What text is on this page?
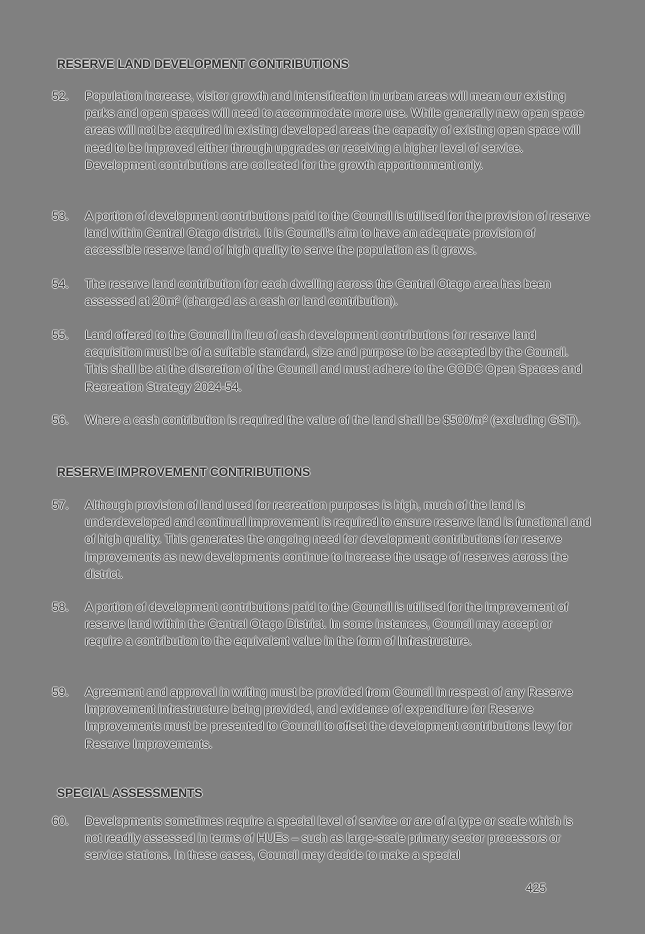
RESERVE LAND DEVELOPMENT CONTRIBUTIONS
52. Population increase, visitor growth and intensification in urban areas will mean our existing parks and open spaces will need to accommodate more use. While generally new open space areas will not be acquired in existing developed areas the capacity of existing open space will need to be improved either through upgrades or receiving a higher level of service. Development contributions are collected for the growth apportionment only.
53. A portion of development contributions paid to the Council is utilised for the provision of reserve land within Central Otago district. It is Council's aim to have an adequate provision of accessible reserve land of high quality to serve the population as it grows.
54. The reserve land contribution for each dwelling across the Central Otago area has been assessed at 20m² (charged as a cash or land contribution).
55. Land offered to the Council in lieu of cash development contributions for reserve land acquisition must be of a suitable standard, size and purpose to be accepted by the Council. This shall be at the discretion of the Council and must adhere to the CODC Open Spaces and Recreation Strategy 2024-54.
56. Where a cash contribution is required the value of the land shall be $500/m² (excluding GST).
RESERVE IMPROVEMENT CONTRIBUTIONS
57. Although provision of land used for recreation purposes is high, much of the land is underdeveloped and continual improvement is required to ensure reserve land is functional and of high quality. This generates the ongoing need for development contributions for reserve improvements as new developments continue to increase the usage of reserves across the district.
58. A portion of development contributions paid to the Council is utilised for the improvement of reserve land within the Central Otago District. In some instances, Council may accept or require a contribution to the equivalent value in the form of Infrastructure.
59. Agreement and approval in writing must be provided from Council in respect of any Reserve Improvement infrastructure being provided, and evidence of expenditure for Reserve Improvements must be presented to Council to offset the development contributions levy for Reserve Improvements.
SPECIAL ASSESSMENTS
60. Developments sometimes require a special level of service or are of a type or scale which is not readily assessed in terms of HUEs – such as large-scale primary sector processors or service stations. In these cases, Council may decide to make a special
425
